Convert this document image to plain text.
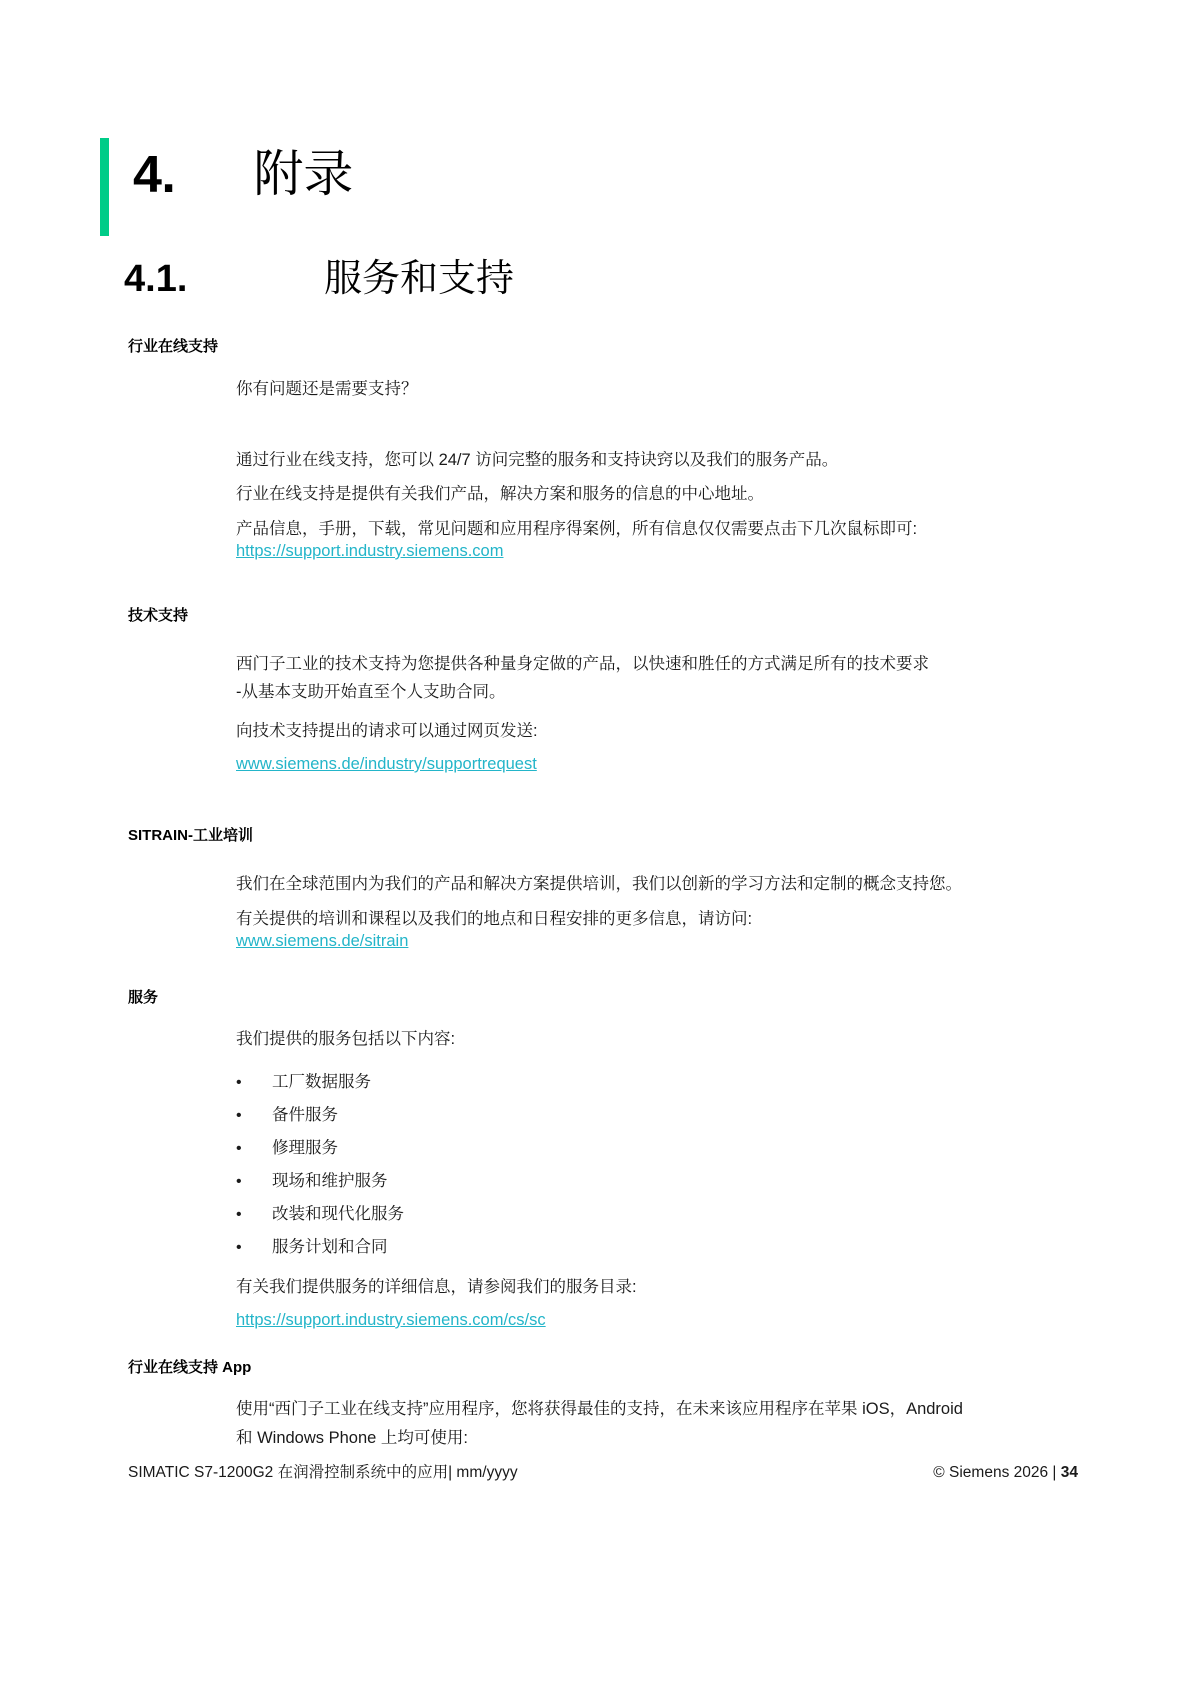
4. 附录
4.1.	服务和支持
行业在线支持
你有问题还是需要支持？
通过行业在线支持，您可以 24/7 访问完整的服务和支持诀窍以及我们的服务产品。
行业在线支持是提供有关我们产品，解决方案和服务的信息的中心地址。
产品信息，手册，下载，常见问题和应用程序得案例，所有信息仅仅需要点击下几次鼠标即可:
https://support.industry.siemens.com
技术支持
西门子工业的技术支持为您提供各种量身定做的产品，以快速和胜任的方式满足所有的技术要求
-从基本支助开始直至个人支助合同。
向技术支持提出的请求可以通过网页发送:
www.siemens.de/industry/supportrequest
SITRAIN-工业培训
我们在全球范围内为我们的产品和解决方案提供培训，我们以创新的学习方法和定制的概念支持您。
有关提供的培训和课程以及我们的地点和日程安排的更多信息，请访问:
www.siemens.de/sitrain
服务
我们提供的服务包括以下内容:
•	工厂数据服务
•	备件服务
•	修理服务
•	现场和维护服务
•	改装和现代化服务
•	服务计划和合同
有关我们提供服务的详细信息，请参阅我们的服务目录:
https://support.industry.siemens.com/cs/sc
行业在线支持 App
使用“西门子工业在线支持”应用程序，您将获得最佳的支持，在未来该应用程序在苹果 iOS，Android
和 Windows Phone 上均可使用:
SIMATIC S7-1200G2 在润滑控制系统中的应用| mm/yyyy	© Siemens 2026 | 34
